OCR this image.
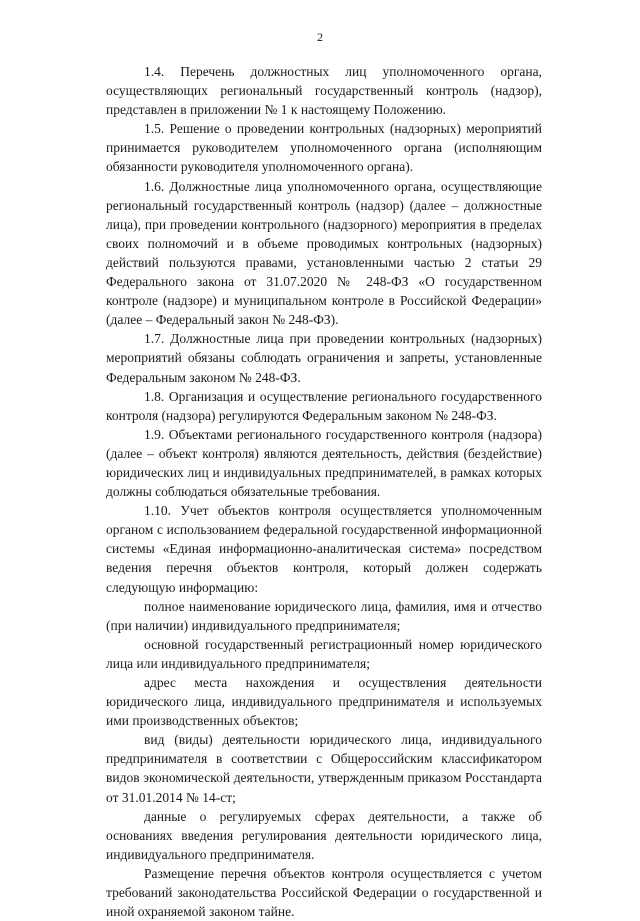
2

1.4. Перечень должностных лиц уполномоченного органа, осуществляющих региональный государственный контроль (надзор), представлен в приложении № 1 к настоящему Положению.

1.5. Решение о проведении контрольных (надзорных) мероприятий принимается руководителем уполномоченного органа (исполняющим обязанности руководителя уполномоченного органа).

1.6. Должностные лица уполномоченного органа, осуществляющие региональный государственный контроль (надзор) (далее – должностные лица), при проведении контрольного (надзорного) мероприятия в пределах своих полномочий и в объеме проводимых контрольных (надзорных) действий пользуются правами, установленными частью 2 статьи 29 Федерального закона от 31.07.2020 № 248-ФЗ «О государственном контроле (надзоре) и муниципальном контроле в Российской Федерации» (далее – Федеральный закон № 248-ФЗ).

1.7. Должностные лица при проведении контрольных (надзорных) мероприятий обязаны соблюдать ограничения и запреты, установленные Федеральным законом № 248-ФЗ.

1.8. Организация и осуществление регионального государственного контроля (надзора) регулируются Федеральным законом № 248-ФЗ.

1.9. Объектами регионального государственного контроля (надзора) (далее – объект контроля) являются деятельность, действия (бездействие) юридических лиц и индивидуальных предпринимателей, в рамках которых должны соблюдаться обязательные требования.

1.10. Учет объектов контроля осуществляется уполномоченным органом с использованием федеральной государственной информационной системы «Единая информационно-аналитическая система» посредством ведения перечня объектов контроля, который должен содержать следующую информацию:

полное наименование юридического лица, фамилия, имя и отчество (при наличии) индивидуального предпринимателя;

основной государственный регистрационный номер юридического лица или индивидуального предпринимателя;

адрес места нахождения и осуществления деятельности юридического лица, индивидуального предпринимателя и используемых ими производственных объектов;

вид (виды) деятельности юридического лица, индивидуального предпринимателя в соответствии с Общероссийским классификатором видов экономической деятельности, утвержденным приказом Росстандарта от 31.01.2014 № 14-ст;

данные о регулируемых сферах деятельности, а также об основаниях введения регулирования деятельности юридического лица, индивидуального предпринимателя.

Размещение перечня объектов контроля осуществляется с учетом требований законодательства Российской Федерации о государственной и иной охраняемой законом тайне.
